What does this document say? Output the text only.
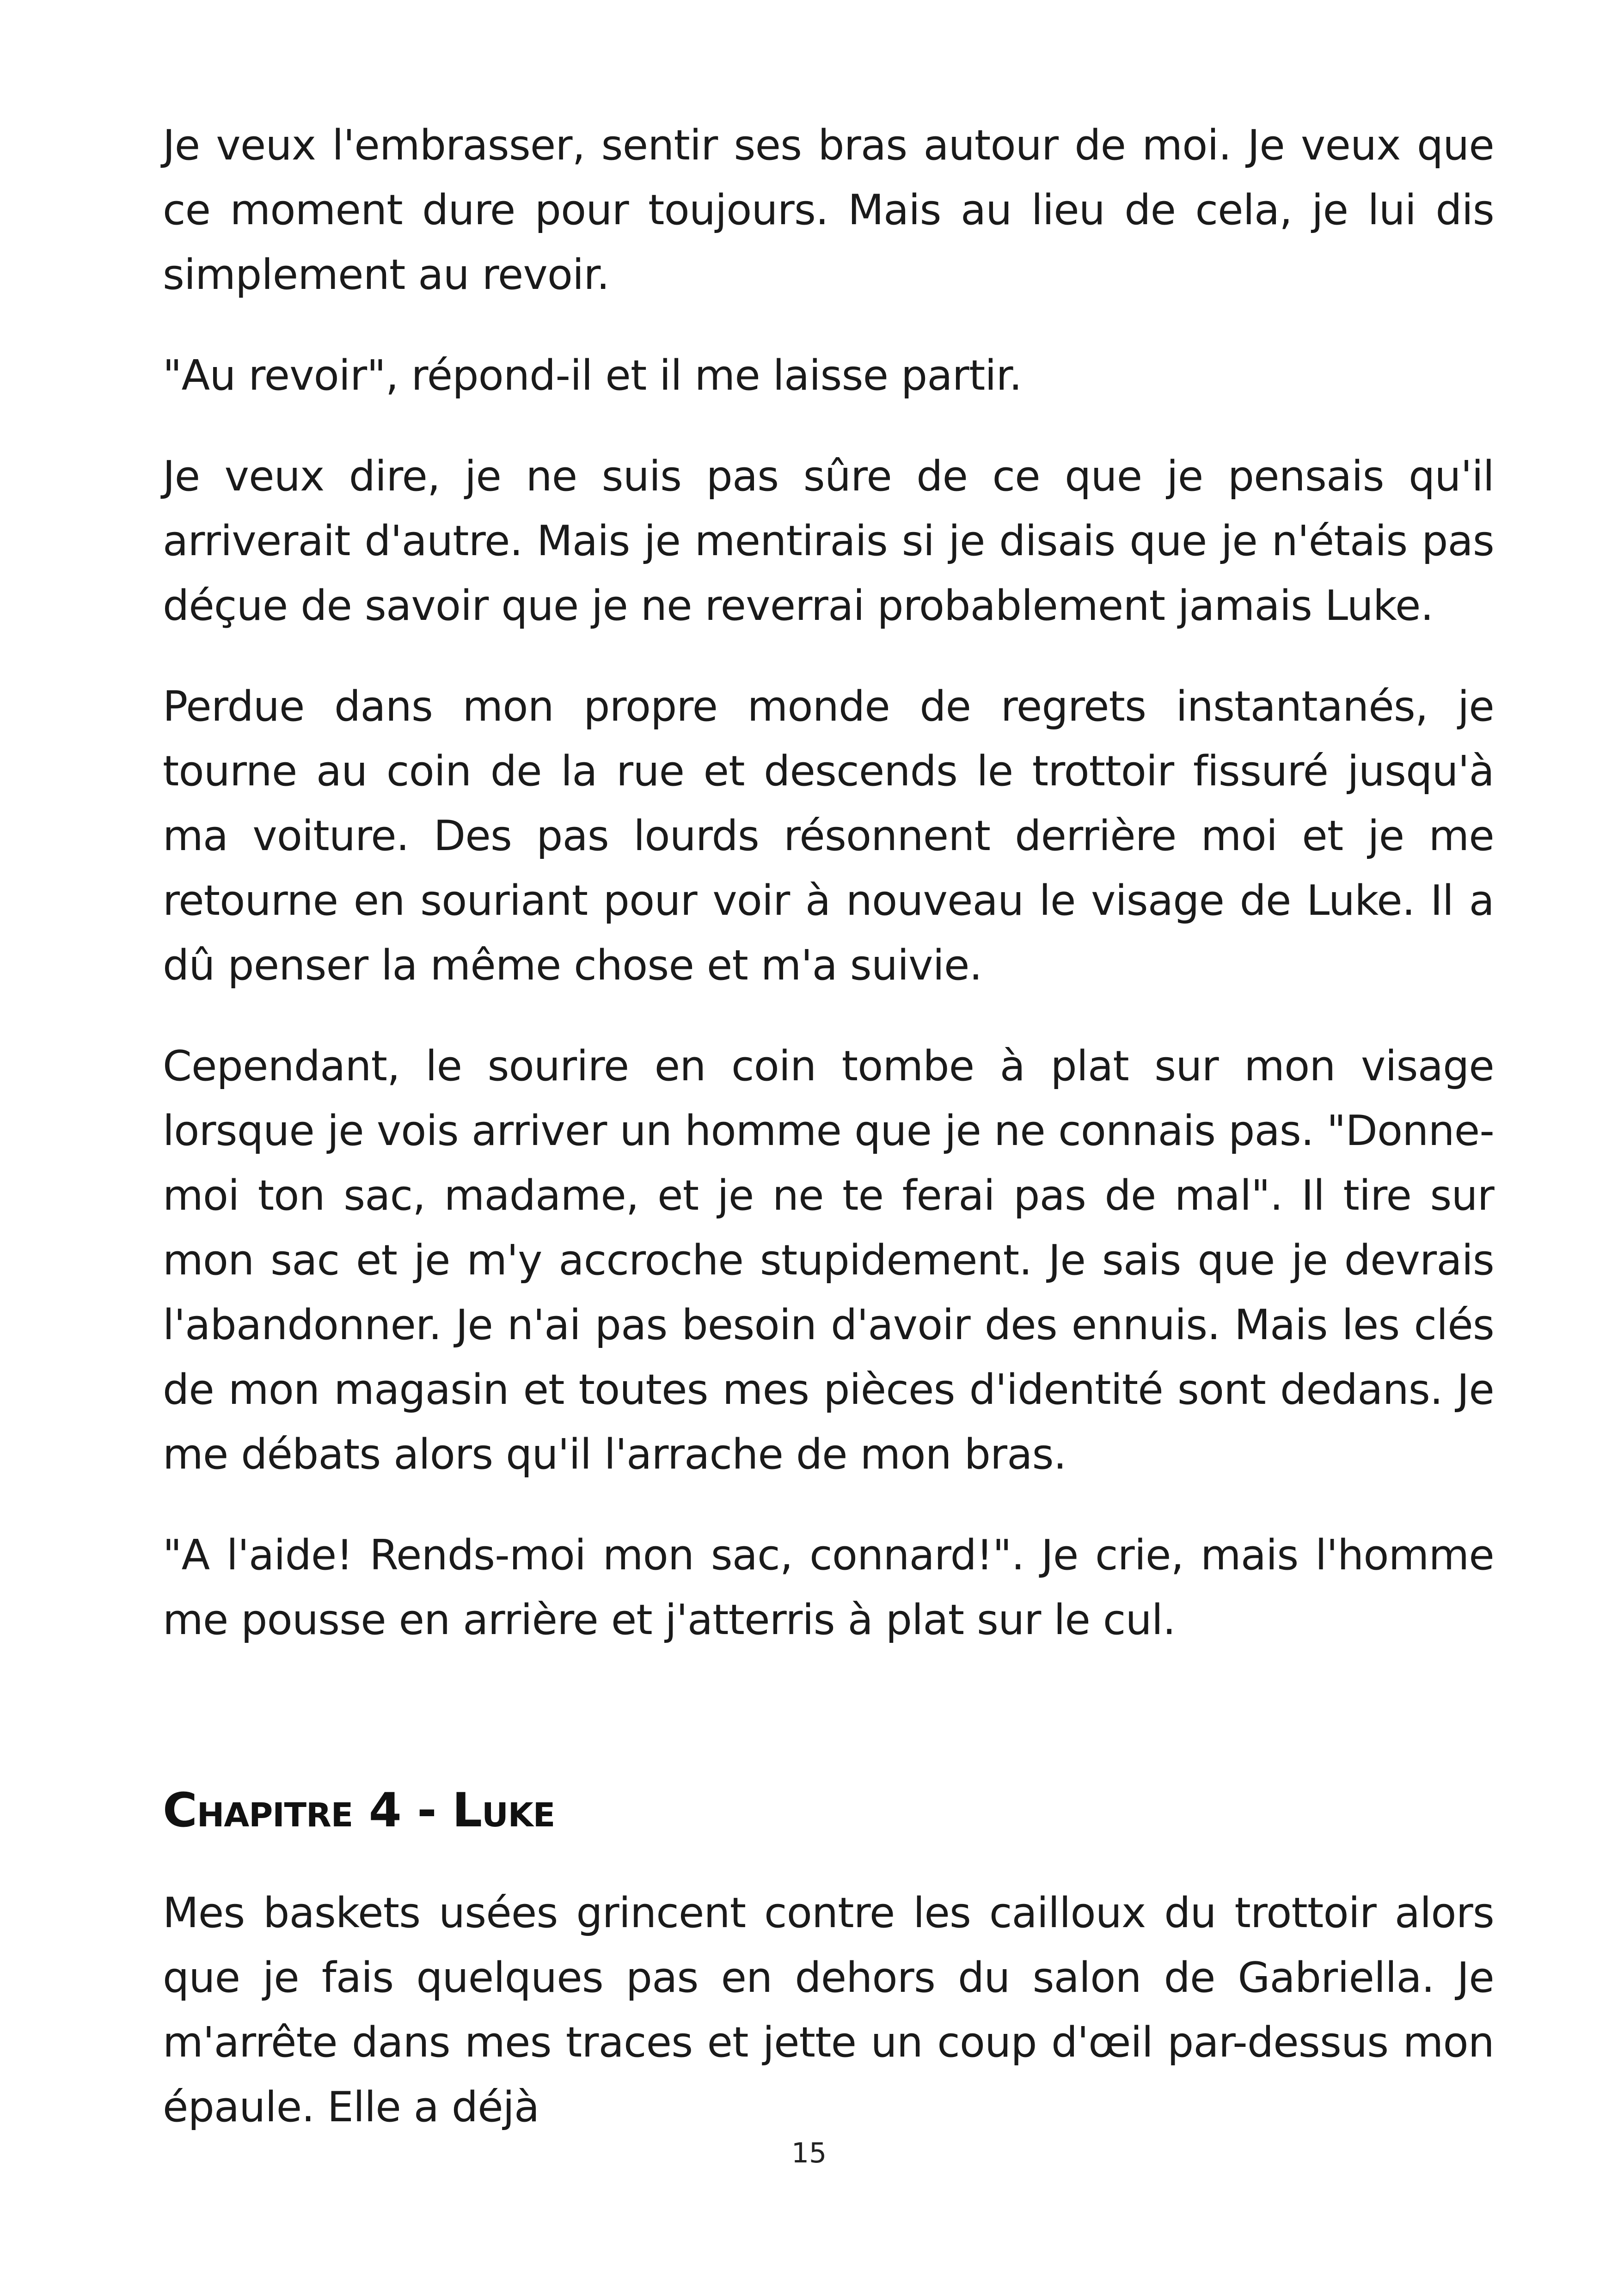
Je veux l'embrasser, sentir ses bras autour de moi. Je veux que ce moment dure pour toujours. Mais au lieu de cela, je lui dis simplement au revoir.

"Au revoir", répond-il et il me laisse partir.

Je veux dire, je ne suis pas sûre de ce que je pensais qu'il arriverait d'autre. Mais je mentirais si je disais que je n'étais pas déçue de savoir que je ne reverrai probablement jamais Luke.

Perdue dans mon propre monde de regrets instantanés, je tourne au coin de la rue et descends le trottoir fissuré jusqu'à ma voiture. Des pas lourds résonnent derrière moi et je me retourne en souriant pour voir à nouveau le visage de Luke. Il a dû penser la même chose et m'a suivie.

Cependant, le sourire en coin tombe à plat sur mon visage lorsque je vois arriver un homme que je ne connais pas. "Donne-moi ton sac, madame, et je ne te ferai pas de mal". Il tire sur mon sac et je m'y accroche stupidement. Je sais que je devrais l'abandonner. Je n'ai pas besoin d'avoir des ennuis. Mais les clés de mon magasin et toutes mes pièces d'identité sont dedans. Je me débats alors qu'il l'arrache de mon bras.

"A l'aide! Rends-moi mon sac, connard!". Je crie, mais l'homme me pousse en arrière et j'atterris à plat sur le cul.

Chapitre 4 - Luke

Mes baskets usées grincent contre les cailloux du trottoir alors que je fais quelques pas en dehors du salon de Gabriella. Je m'arrête dans mes traces et jette un coup d'œil par-dessus mon épaule. Elle a déjà

15
